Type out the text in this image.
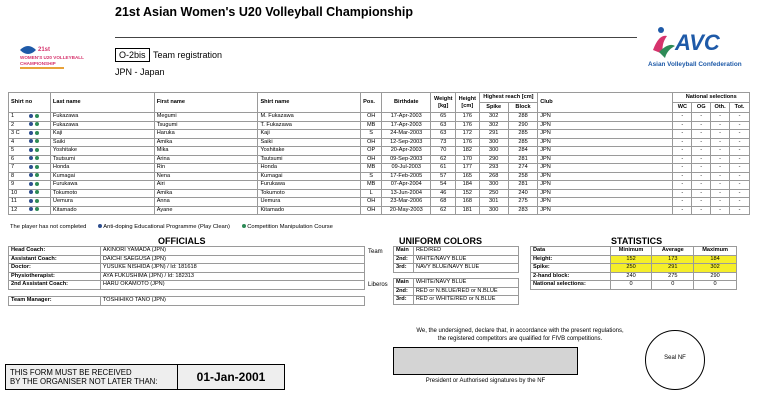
21st
WOMEN'S U20 VOLLEYBALL
CHAMPIONSHIP
21st Asian Women's U20 Volleyball Championship
O-2bis Team registration
JPN - Japan
AVC
Asian Volleyball Confederation
Shirt no	Last name	First name	Shirt name	Pos.	Birthdate	Weight [kg]	Height [cm]	Highest reach [cm]		Club	National selections			
								Spike	Block		WC	OG	Oth.	Tot.
1	Fukazawa	Megumi	M. Fukazawa	OH	17-Apr-2003	65	176	302	288	JPN	-	-	-	-
2	Fukazawa	Tsugumi	T. Fukazawa	MB	17-Apr-2003	63	176	302	290	JPN	-	-	-	-
3 C	Kaji	Haruka	Kaji	S	24-Mar-2003	63	172	291	285	JPN	-	-	-	-
4	Saiki	Amika	Saiki	OH	12-Sep-2003	73	176	300	285	JPN	-	-	-	-
5	Yoshitake	Mika	Yoshitake	OP	20-Apr-2003	70	182	300	284	JPN	-	-	-	-
6	Tsutsumi	Arina	Tsutsumi	OH	09-Sep-2003	62	170	290	281	JPN	-	-	-	-
7	Honda	Rin	Honda	MB	09-Jul-2003	61	177	293	274	JPN	-	-	-	-
8	Kumagai	Nena	Kumagai	S	17-Feb-2005	57	165	268	258	JPN	-	-	-	-
9	Furukawa	Airi	Furukawa	MB	07-Apr-2004	54	184	300	281	JPN	-	-	-	-
10	Tokumoto	Amika	Tokumoto	L	13-Jun-2004	46	152	250	240	JPN	-	-	-	-
11	Uemura	Anna	Uemura	OH	23-Mar-2006	68	168	301	275	JPN	-	-	-	-
12	Kitamado	Ayane	Kitamado	OH	20-May-2003	62	181	300	283	JPN	-	-	-	-
The player has not completed	Anti-doping Educational Programme (Play Clean)	Competition Manipulation Course
OFFICIALS	UNIFORM COLORS	STATISTICS
Head Coach:	AKINORI YAMADA (JPN)
Assistant Coach:	DAICHI SAEGUSA (JPN)
Doctor:	YUSUKE NISHIDA (JPN) / Id: 181618
Physiotherapist:	AYA FUKUSHIMA (JPN) / Id: 182313
2nd Assistant Coach:	HARU OKAMOTO (JPN)
Team Manager:	TOSHIHIKO TANO (JPN)
Team
Liberos
Main	RED/RED
2nd:	WHITE/NAVY BLUE
3rd:	NAVY BLUE/NAVY BLUE
Main	WHITE/NAVY BLUE
2nd:	RED or N.BLUE/RED or N.BLUE
3rd:	RED or WHITE/RED or N.BLUE
Data	Minimum	Average	Maximum
Height:	152	173	184
Spike:	250	291	302
2-hand block:	240	275	290
National selections:	0	0	0
We, the undersigned, declare that, in accordance with the present regulations,
the registered competitors are qualified for FIVB competitions.
President or Authorised signatures by the NF
Seal NF
THIS FORM MUST BE RECEIVED
BY THE ORGANISER NOT LATER THAN:	01-Jan-2001
